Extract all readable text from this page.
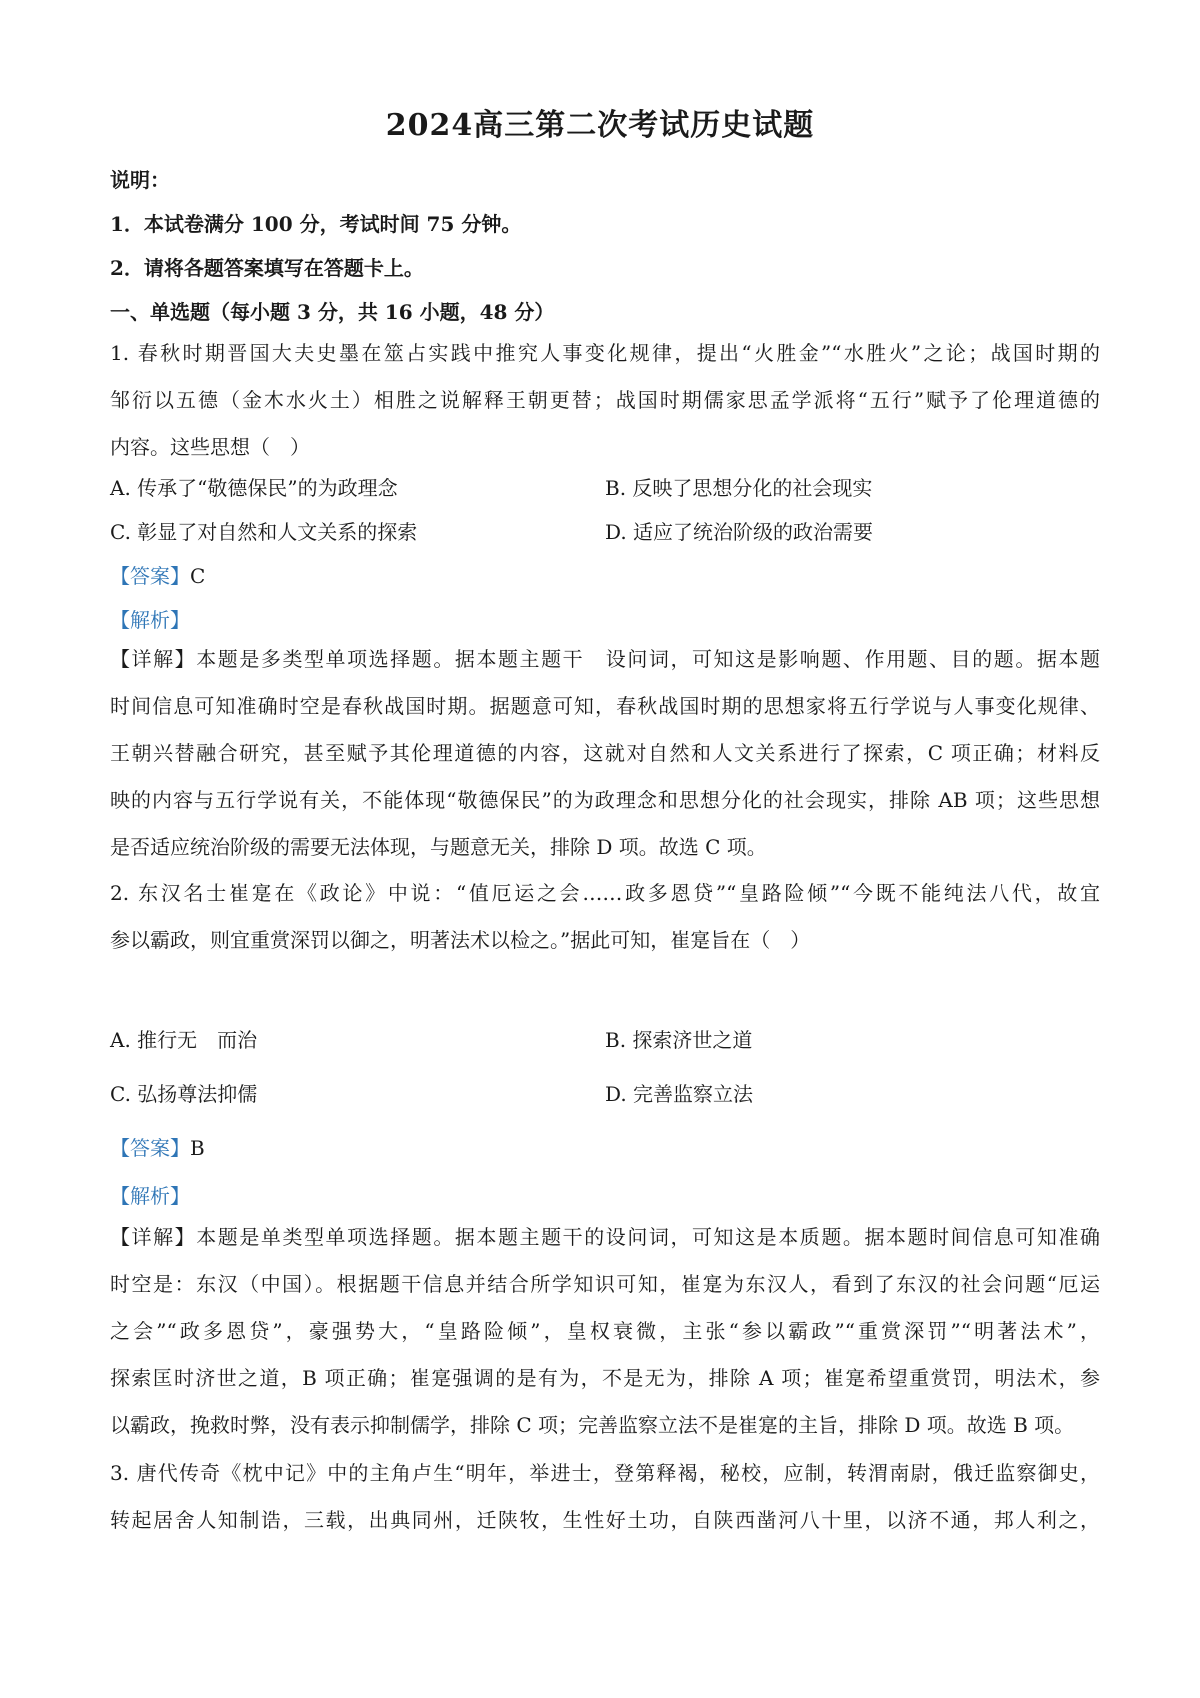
2024高三第二次考试历史试题
说明：
1．本试卷满分 100 分，考试时间 75 分钟。
2．请将各题答案填写在答题卡上。
一、单选题（每小题 3 分，共 16 小题，48 分）
1. 春秋时期晋国大夫史墨在筮占实践中推究人事变化规律，提出“火胜金”“水胜火”之论；战国时期的
邹衍以五德（金木水火土）相胜之说解释王朝更替；战国时期儒家思孟学派将“五行”赋予了伦理道德的
内容。这些思想（　）
A. 传承了“敬德保民”的为政理念	B. 反映了思想分化的社会现实
C. 彰显了对自然和人文关系的探索	D. 适应了统治阶级的政治需要
【答案】C
【解析】
【详解】本题是多类型单项选择题。据本题主题干　设问词，可知这是影响题、作用题、目的题。据本题
时间信息可知准确时空是春秋战国时期。据题意可知，春秋战国时期的思想家将五行学说与人事变化规律、
王朝兴替融合研究，甚至赋予其伦理道德的内容，这就对自然和人文关系进行了探索，C 项正确；材料反
映的内容与五行学说有关，不能体现“敬德保民”的为政理念和思想分化的社会现实，排除 AB 项；这些思想
是否适应统治阶级的需要无法体现，与题意无关，排除 D 项。故选 C 项。
2. 东汉名士崔寔在《政论》中说：“值厄运之会……政多恩贷”“皇路险倾”“今既不能纯法八代，故宜
参以霸政，则宜重赏深罚以御之，明著法术以检之。”据此可知，崔寔旨在（　）
A. 推行无　而治	B. 探索济世之道
C. 弘扬尊法抑儒	D. 完善监察立法
【答案】B
【解析】
【详解】本题是单类型单项选择题。据本题主题干的设问词，可知这是本质题。据本题时间信息可知准确
时空是：东汉（中国）。根据题干信息并结合所学知识可知，崔寔为东汉人，看到了东汉的社会问题“厄运
之会”“政多恩贷”，豪强势大，“皇路险倾”，皇权衰微，主张“参以霸政”“重赏深罚”“明著法术”，
探索匡时济世之道，B 项正确；崔寔强调的是有为，不是无为，排除 A 项；崔寔希望重赏罚，明法术，参
以霸政，挽救时弊，没有表示抑制儒学，排除 C 项；完善监察立法不是崔寔的主旨，排除 D 项。故选 B 项。
3. 唐代传奇《枕中记》中的主角卢生“明年，举进士，登第释褐，秘校，应制，转渭南尉，俄迁监察御史，
转起居舍人知制诰，三载，出典同州，迁陕牧，生性好土功，自陕西凿河八十里，以济不通，邦人利之，
